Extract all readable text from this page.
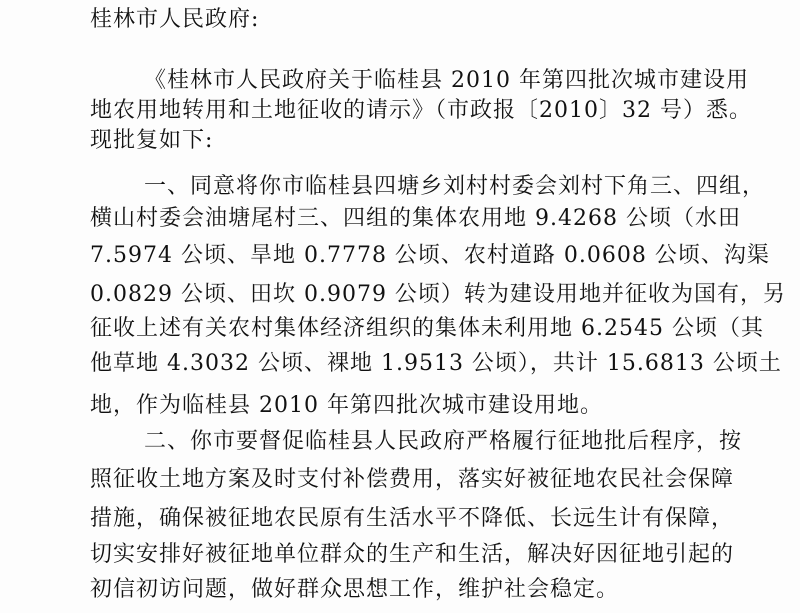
桂林市人民政府:
《桂林市人民政府关于临桂县 2010 年第四批次城市建设用
地农用地转用和土地征收的请示》（市政报〔2010〕32 号）悉。
现批复如下:
一、同意将你市临桂县四塘乡刘村村委会刘村下角三、四组，
横山村委会油塘尾村三、四组的集体农用地 9.4268 公顷（水田
7.5974 公顷、旱地 0.7778 公顷、农村道路 0.0608 公顷、沟渠
0.0829 公顷、田坎 0.9079 公顷）转为建设用地并征收为国有，另
征收上述有关农村集体经济组织的集体未利用地 6.2545 公顷（其
他草地 4.3032 公顷、裸地 1.9513 公顷），共计 15.6813 公顷土
地，作为临桂县 2010 年第四批次城市建设用地。
二、你市要督促临桂县人民政府严格履行征地批后程序，按
照征收土地方案及时支付补偿费用，落实好被征地农民社会保障
措施，确保被征地农民原有生活水平不降低、长远生计有保障，
切实安排好被征地单位群众的生产和生活，解决好因征地引起的
初信初访问题，做好群众思想工作，维护社会稳定。
